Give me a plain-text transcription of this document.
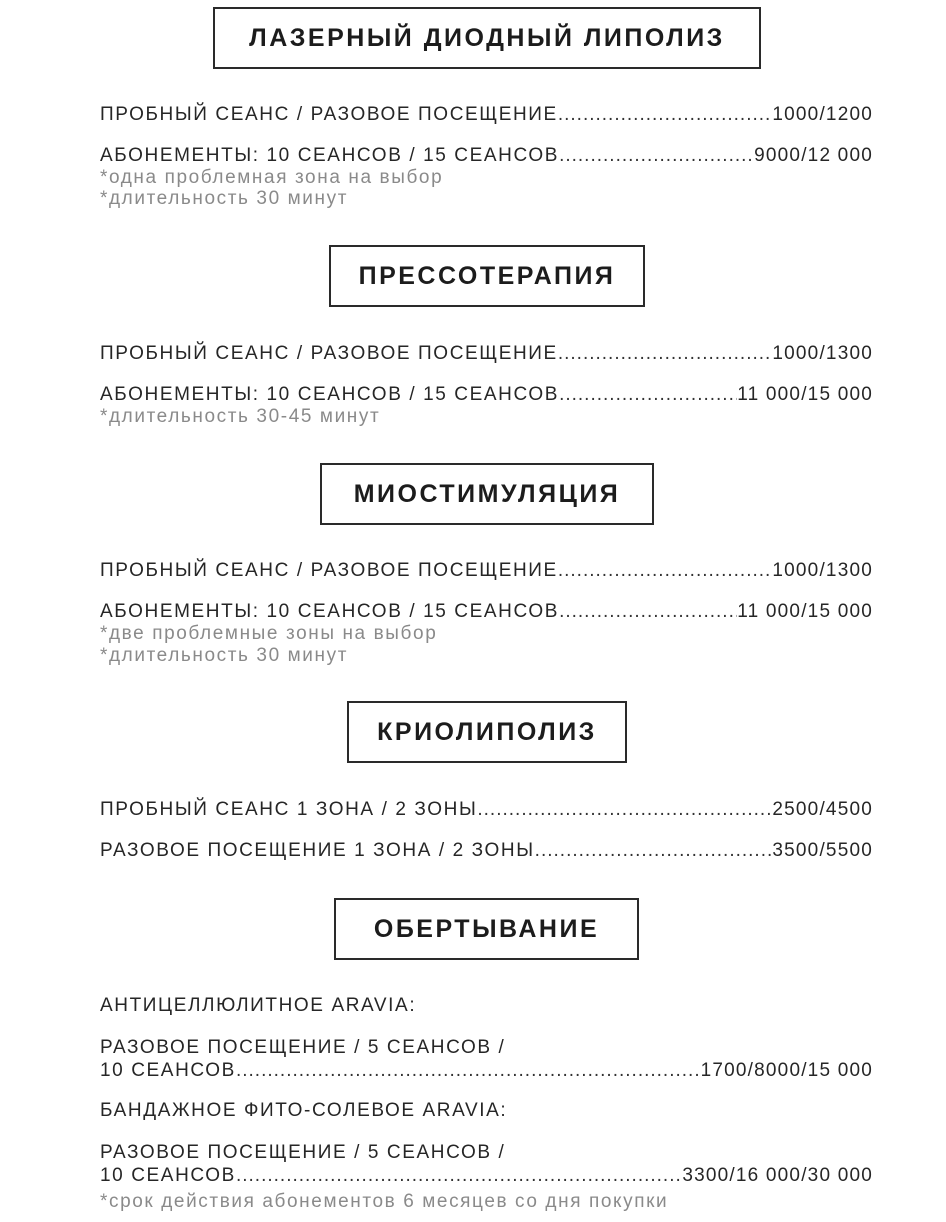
ЛАЗЕРНЫЙ ДИОДНЫЙ ЛИПОЛИЗ
ПРОБНЫЙ СЕАНС / РАЗОВОЕ ПОСЕЩЕНИЕ .....	1000/1200
АБОНЕМЕНТЫ: 10 СЕАНСОВ / 15 СЕАНСОВ .....	9000/12 000
*одна проблемная зона на выбор
*длительность 30 минут
ПРЕССОТЕРАПИЯ
ПРОБНЫЙ СЕАНС / РАЗОВОЕ ПОСЕЩЕНИЕ .....	1000/1300
АБОНЕМЕНТЫ: 10 СЕАНСОВ / 15 СЕАНСОВ .....	11 000/15 000
*длительность 30-45 минут
МИОСТИМУЛЯЦИЯ
ПРОБНЫЙ СЕАНС / РАЗОВОЕ ПОСЕЩЕНИЕ .....	1000/1300
АБОНЕМЕНТЫ: 10 СЕАНСОВ / 15 СЕАНСОВ .....	11 000/15 000
*две проблемные зоны на выбор
*длительность 30 минут
КРИОЛИПОЛИЗ
ПРОБНЫЙ СЕАНС 1 ЗОНА / 2 ЗОНЫ .....	2500/4500
РАЗОВОЕ ПОСЕЩЕНИЕ 1 ЗОНА / 2 ЗОНЫ .....	3500/5500
ОБЕРТЫВАНИЕ
АНТИЦЕЛЛЮЛИТНОЕ ARAVIA:
РАЗОВОЕ ПОСЕЩЕНИЕ / 5 СЕАНСОВ /
10 СЕАНСОВ .....	1700/8000/15 000
БАНДАЖНОЕ ФИТО-СОЛЕВОЕ ARAVIA:
РАЗОВОЕ ПОСЕЩЕНИЕ / 5 СЕАНСОВ /
10 СЕАНСОВ .....	3300/16 000/30 000
*срок действия абонементов 6 месяцев со дня покупки
